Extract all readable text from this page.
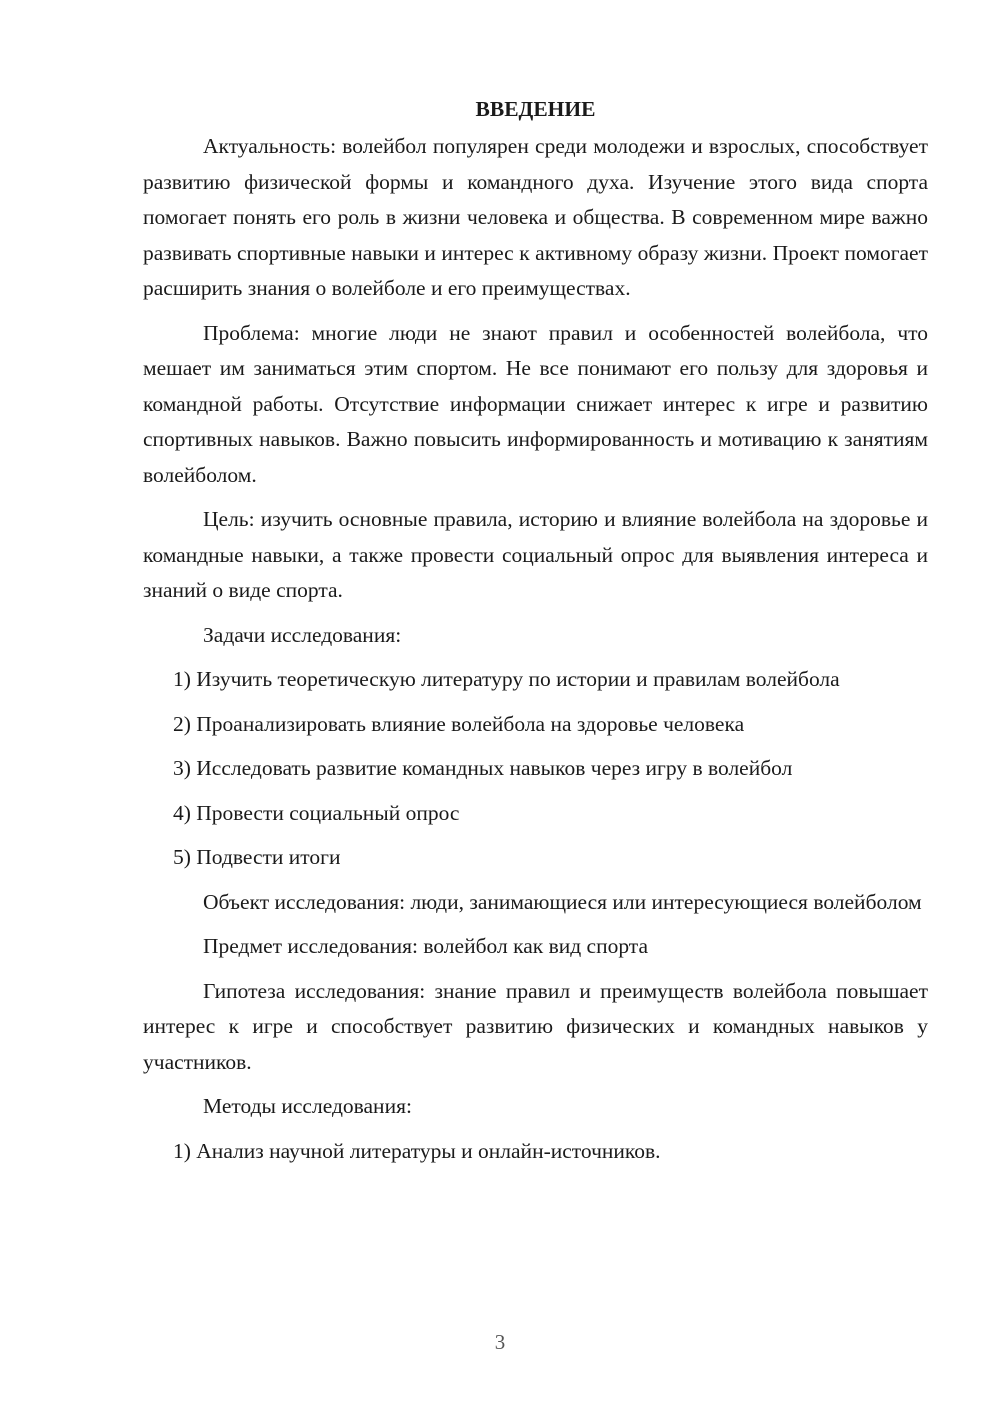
ВВЕДЕНИЕ

Актуальность: волейбол популярен среди молодежи и взрослых, способствует развитию физической формы и командного духа. Изучение этого вида спорта помогает понять его роль в жизни человека и общества. В современном мире важно развивать спортивные навыки и интерес к активному образу жизни. Проект помогает расширить знания о волейболе и его преимуществах.

Проблема: многие люди не знают правил и особенностей волейбола, что мешает им заниматься этим спортом. Не все понимают его пользу для здоровья и командной работы. Отсутствие информации снижает интерес к игре и развитию спортивных навыков. Важно повысить информированность и мотивацию к занятиям волейболом.

Цель: изучить основные правила, историю и влияние волейбола на здоровье и командные навыки, а также провести социальный опрос для выявления интереса и знаний о виде спорта.

Задачи исследования:

1) Изучить теоретическую литературу по истории и правилам волейбола

2) Проанализировать влияние волейбола на здоровье человека

3) Исследовать развитие командных навыков через игру в волейбол

4) Провести социальный опрос

5) Подвести итоги

Объект исследования: люди, занимающиеся или интересующиеся волейболом

Предмет исследования: волейбол как вид спорта

Гипотеза исследования: знание правил и преимуществ волейбола повышает интерес к игре и способствует развитию физических и командных навыков у участников.

Методы исследования:

1) Анализ научной литературы и онлайн-источников.

3
